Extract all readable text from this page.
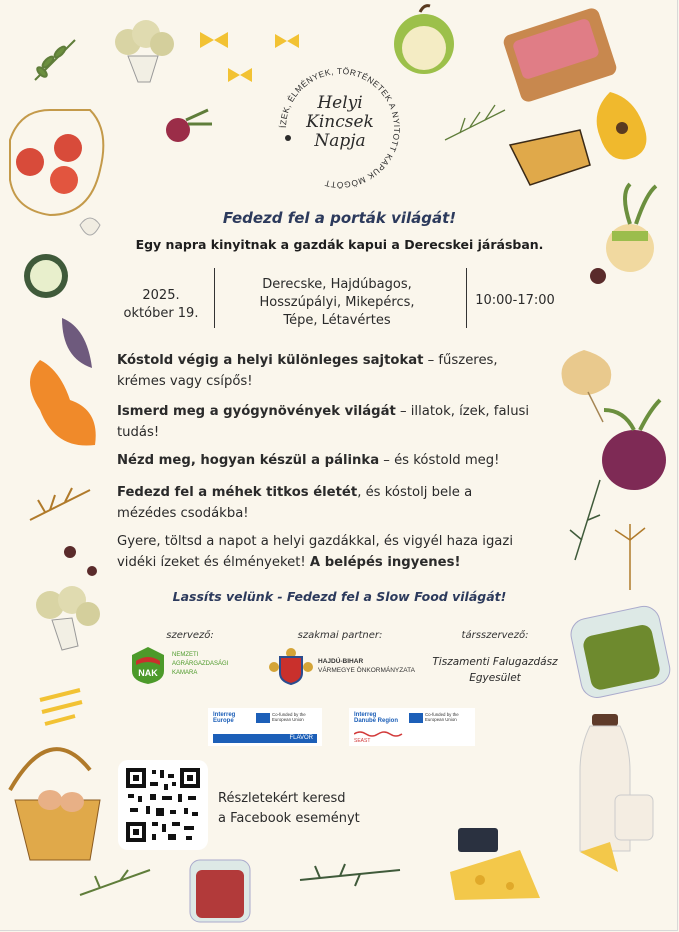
ÍZEK, ÉLMÉNYEK, TÖRTÉNETEK A NYITOTT KAPUK MÖGÖTT
Helyi
Kincsek
Napja
Fedezd fel a porták világát!
Egy napra kinyitnak a gazdák kapui a Derecskei járásban.
2025.
október 19.
Derecske, Hajdúbagos,
Hosszúpályi, Mikepércs,
Tépe, Létavértes
10:00-17:00
Kóstold végig a helyi különleges sajtokat – fűszeres, krémes vagy csípős!
Ismerd meg a gyógynövények világát – illatok, ízek, falusi tudás!
Nézd meg, hogyan készül a pálinka – és kóstold meg!
Fedezd fel a méhek titkos életét, és kóstolj bele a mézédes csodákba!
Gyere, töltsd a napot a helyi gazdákkal, és vigyél haza igazi vidéki ízeket és élményeket! A belépés ingyenes!
Lassíts velünk - Fedezd fel a Slow Food világát!
szervező:
NAK
NEMZETI
AGRÁRGAZDASÁGI
KAMARA
szakmai partner:
HAJDÚ-BIHAR
VÁRMEGYE ÖNKORMÁNYZATA
társszervező:
Tiszamenti Falugazdász
Egyesület
Interreg
Europe
Co-funded by the European Union
FLAVOR
Interreg
Danube Region
Co-funded by the European Union
SEAST
Részletekért keresd
a Facebook eseményt
